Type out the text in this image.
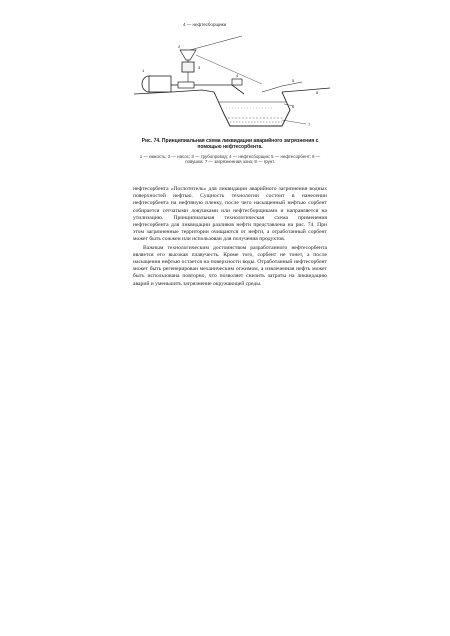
1
2
3
4
5
6
7
8
4 — нефтесборщики
Рис. 74. Принципиальная схема ликвидации аварийного загрязнения с помощью нефтесорбента.
1 — емкость; 2 — насос; 3 — трубопровод; 4 — нефтесборщик; 5 — нефтесорбент; 6 — ловушка; 7 — загрязненная зона; 8 — грунт.

нефтесорбента «Поглотитель» для ликвидации аварийного загрязнения водных поверхностей нефтью. Сущность технологии состоит в нанесении нефтесорбента на нефтяную пленку, после чего насыщенный нефтью сорбент собирается сетчатыми ловушками или нефтесборщиками и направляется на утилизацию. Принципиальная технологическая схема применения нефтесорбента для ликвидации разливов нефти представлена на рис. 74. При этом загрязненные территории очищаются от нефти, а отработанный сорбент может быть сожжен или использован для получения продуктов.

Важным технологическим достоинством разработанного нефтесорбента является его высокая плавучесть. Кроме того, сорбент не тонет, а после насыщения нефтью остается на поверхности воды. Отработанный нефтесорбент может быть регенерирован механическим отжимом, а извлеченная нефть может быть использована повторно, что позволяет снизить затраты на ликвидацию аварий и уменьшить загрязнение окружающей среды.
